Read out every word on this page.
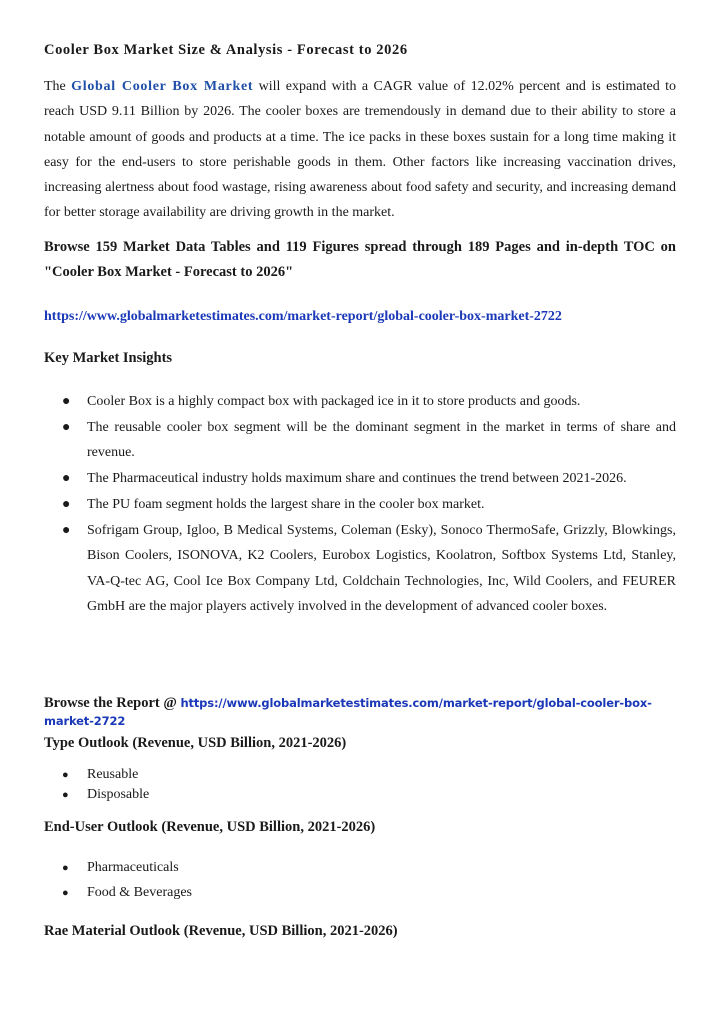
Cooler Box Market Size & Analysis - Forecast to 2026

The Global Cooler Box Market will expand with a CAGR value of 12.02% percent and is estimated to reach USD 9.11 Billion by 2026. The cooler boxes are tremendously in demand due to their ability to store a notable amount of goods and products at a time. The ice packs in these boxes sustain for a long time making it easy for the end-users to store perishable goods in them. Other factors like increasing vaccination drives, increasing alertness about food wastage, rising awareness about food safety and security, and increasing demand for better storage availability are driving growth in the market.

Browse 159 Market Data Tables and 119 Figures spread through 189 Pages and in-depth TOC on "Cooler Box Market - Forecast to 2026"

https://www.globalmarketestimates.com/market-report/global-cooler-box-market-2722

Key Market Insights

● Cooler Box is a highly compact box with packaged ice in it to store products and goods.
● The reusable cooler box segment will be the dominant segment in the market in terms of share and revenue.
● The Pharmaceutical industry holds maximum share and continues the trend between 2021-2026.
● The PU foam segment holds the largest share in the cooler box market.
● Sofrigam Group, Igloo, B Medical Systems, Coleman (Esky), Sonoco ThermoSafe, Grizzly, Blowkings, Bison Coolers, ISONOVA, K2 Coolers, Eurobox Logistics, Koolatron, Softbox Systems Ltd, Stanley, VA-Q-tec AG, Cool Ice Box Company Ltd, Coldchain Technologies, Inc, Wild Coolers, and FEURER GmbH are the major players actively involved in the development of advanced cooler boxes.

Browse the Report @ https://www.globalmarketestimates.com/market-report/global-cooler-box-market-2722

Type Outlook (Revenue, USD Billion, 2021-2026)

● Reusable
● Disposable

End-User Outlook (Revenue, USD Billion, 2021-2026)

● Pharmaceuticals
● Food & Beverages

Rae Material Outlook (Revenue, USD Billion, 2021-2026)
